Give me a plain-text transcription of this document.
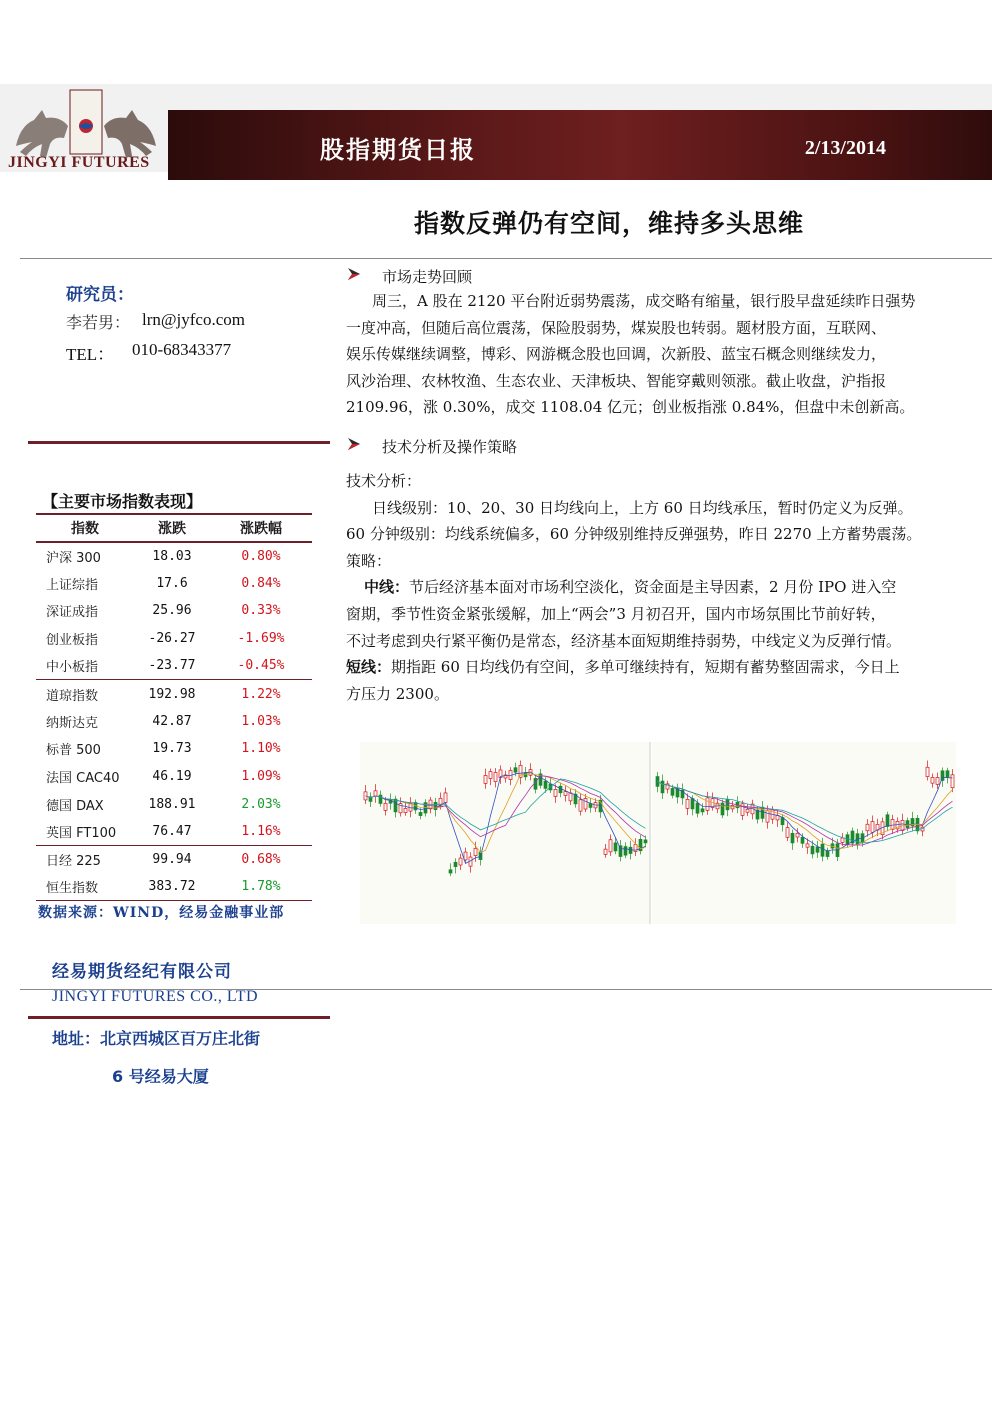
JINGYI FUTURES	股指期货日报	2/13/2014
指数反弹仍有空间，维持多头思维
研究员：
李若男： lrn@jyfco.com
TEL： 010-68343377
【主要市场指数表现】
指数	涨跌	涨跌幅
沪深 300	18.03	0.80%
上证综指	17.6	0.84%
深证成指	25.96	0.33%
创业板指	-26.27	-1.69%
中小板指	-23.77	-0.45%
道琼指数	192.98	1.22%
纳斯达克	42.87	1.03%
标普 500	19.73	1.10%
法国 CAC40	46.19	1.09%
德国 DAX	188.91	2.03%
英国 FT100	76.47	1.16%
日经 225	99.94	0.68%
恒生指数	383.72	1.78%
数据来源：WIND，经易金融事业部
经易期货经纪有限公司
JINGYI FUTURES CO., LTD
地址：北京西城区百万庄北街
6 号经易大厦
市场走势回顾
周三，A 股在 2120 平台附近弱势震荡，成交略有缩量，银行股早盘延续昨日强势
一度冲高，但随后高位震荡，保险股弱势，煤炭股也转弱。题材股方面，互联网、
娱乐传媒继续调整，博彩、网游概念股也回调，次新股、蓝宝石概念则继续发力，
风沙治理、农林牧渔、生态农业、天津板块、智能穿戴则领涨。截止收盘，沪指报
2109.96，涨 0.30%，成交 1108.04 亿元；创业板指涨 0.84%，但盘中未创新高。
技术分析及操作策略
技术分析：
日线级别：10、20、30 日均线向上，上方 60 日均线承压，暂时仍定义为反弹。
60 分钟级别：均线系统偏多，60 分钟级别维持反弹强势，昨日 2270 上方蓄势震荡。
策略：
中线：节后经济基本面对市场利空淡化，资金面是主导因素，2 月份 IPO 进入空
窗期，季节性资金紧张缓解，加上“两会”3 月初召开，国内市场氛围比节前好转，
不过考虑到央行紧平衡仍是常态，经济基本面短期维持弱势，中线定义为反弹行情。
短线：期指距 60 日均线仍有空间，多单可继续持有，短期有蓄势整固需求，今日上
方压力 2300。
